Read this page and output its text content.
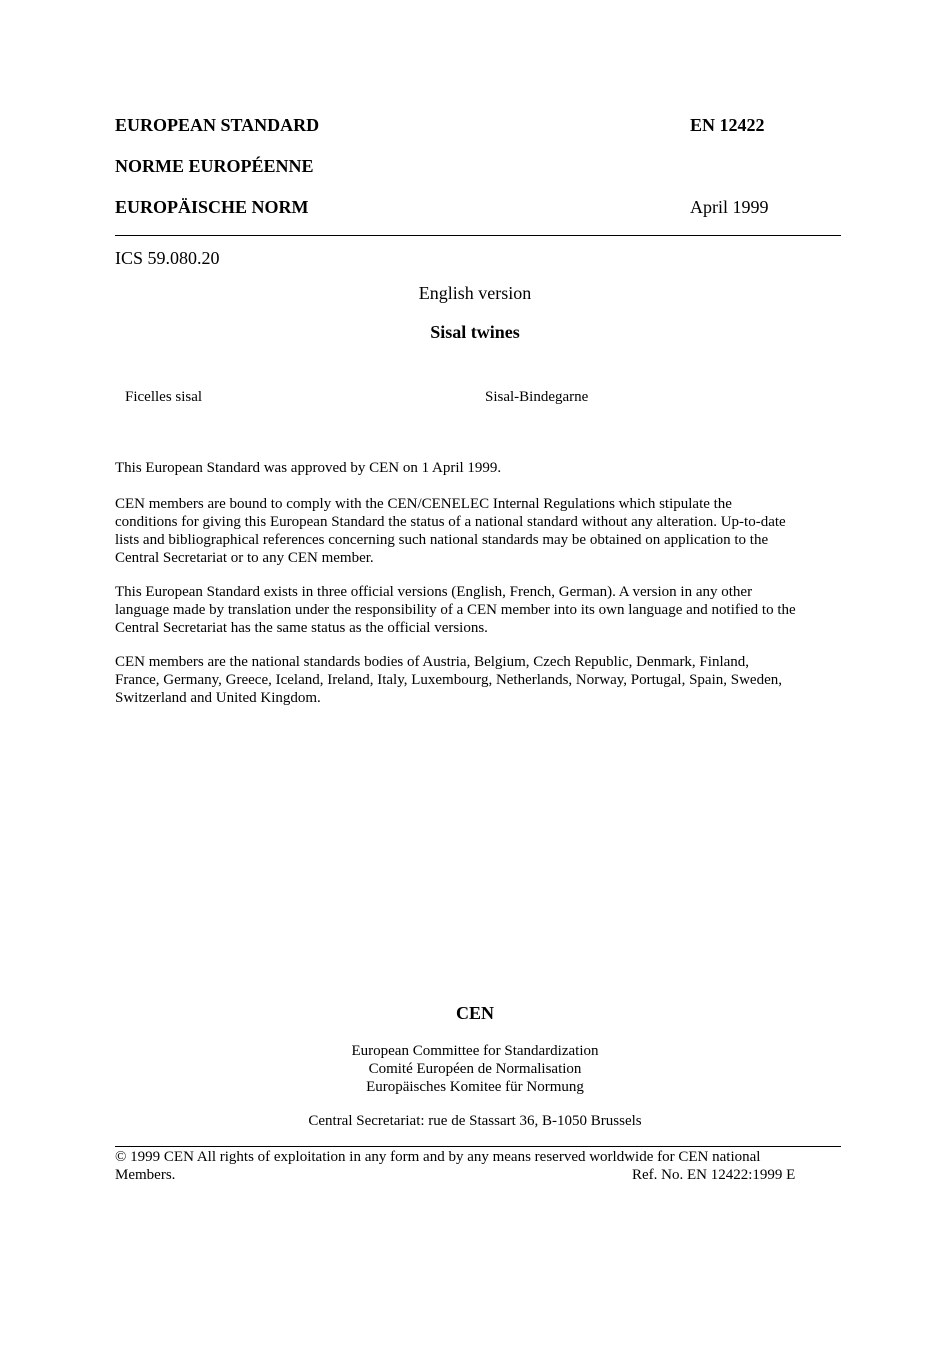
EUROPEAN STANDARD	EN 12422
NORME EUROPÉENNE
EUROPÄISCHE NORM	April 1999
ICS 59.080.20
English version
Sisal twines
Ficelles sisal	Sisal-Bindegarne

This European Standard was approved by CEN on 1 April 1999.

CEN members are bound to comply with the CEN/CENELEC Internal Regulations which stipulate the

conditions for giving this European Standard the status of a national standard without any alteration. Up-to-date

lists and bibliographical references concerning such national standards may be obtained on application to the

Central Secretariat or to any CEN member.

This European Standard exists in three official versions (English, French, German). A version in any other

language made by translation under the responsibility of a CEN member into its own language and notified to the

Central Secretariat has the same status as the official versions.

CEN members are the national standards bodies of Austria, Belgium, Czech Republic, Denmark, Finland,

France, Germany, Greece, Iceland, Ireland, Italy, Luxembourg, Netherlands, Norway, Portugal, Spain, Sweden,

Switzerland and United Kingdom.

CEN
European Committee for Standardization
Comité Européen de Normalisation
Europäisches Komitee für Normung
Central Secretariat: rue de Stassart 36, B-1050 Brussels
© 1999 CEN All rights of exploitation in any form and by any means reserved worldwide for CEN national
Members.	Ref. No. EN 12422:1999 E
